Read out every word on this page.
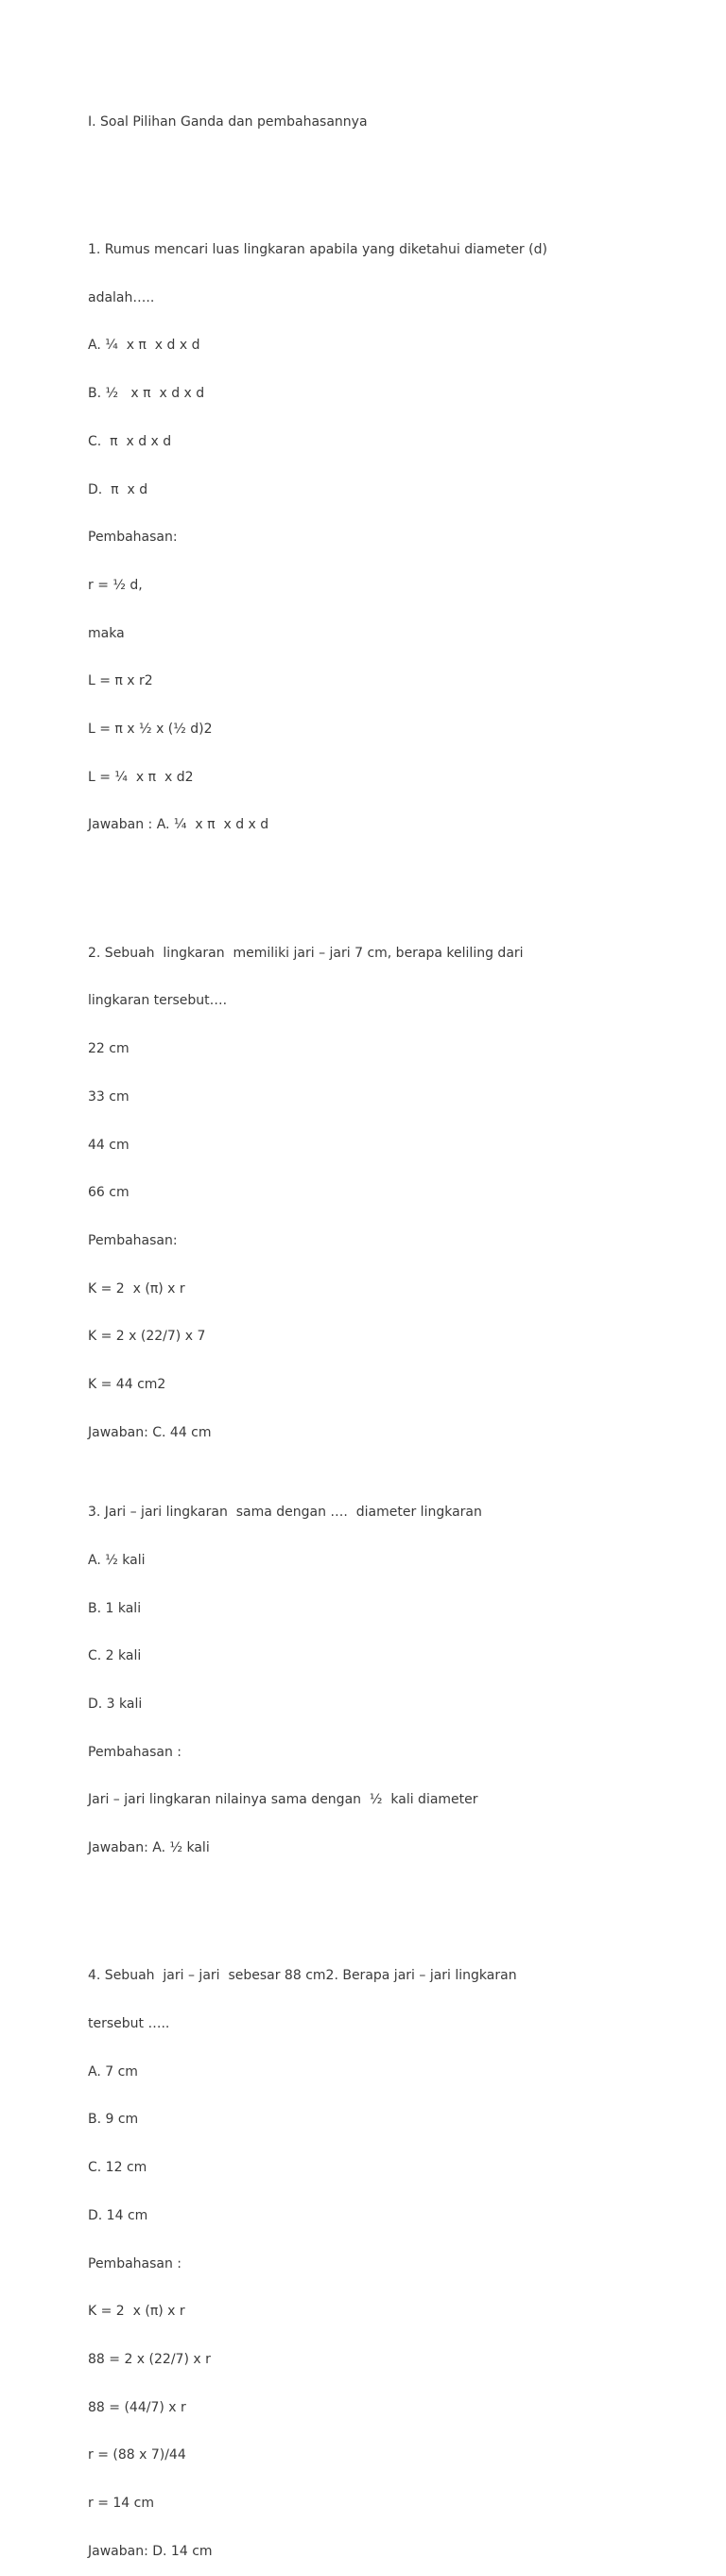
I. Soal Pilihan Ganda dan pembahasannya

1. Rumus mencari luas lingkaran apabila yang diketahui diameter (d)

adalah…..

A. ¼  x π  x d x d

B. ½   x π  x d x d

C.  π  x d x d

D.  π  x d

Pembahasan:

r = ½ d,

maka

L = π x r2

L = π x ½ x (½ d)2

L = ¼  x π  x d2

Jawaban : A. ¼  x π  x d x d

2. Sebuah  lingkaran  memiliki jari – jari 7 cm, berapa keliling dari

lingkaran tersebut….

22 cm

33 cm

44 cm

66 cm

Pembahasan:

K = 2  x (π) x r

K = 2 x (22/7) x 7

K = 44 cm2

Jawaban: C. 44 cm

3. Jari – jari lingkaran  sama dengan ….  diameter lingkaran

A. ½ kali

B. 1 kali

C. 2 kali

D. 3 kali

Pembahasan :

Jari – jari lingkaran nilainya sama dengan  ½  kali diameter

Jawaban: A. ½ kali

4. Sebuah  jari – jari  sebesar 88 cm2. Berapa jari – jari lingkaran

tersebut …..

A. 7 cm

B. 9 cm

C. 12 cm

D. 14 cm

Pembahasan :

K = 2  x (π) x r

88 = 2 x (22/7) x r

88 = (44/7) x r

r = (88 x 7)/44

r = 14 cm

Jawaban: D. 14 cm
